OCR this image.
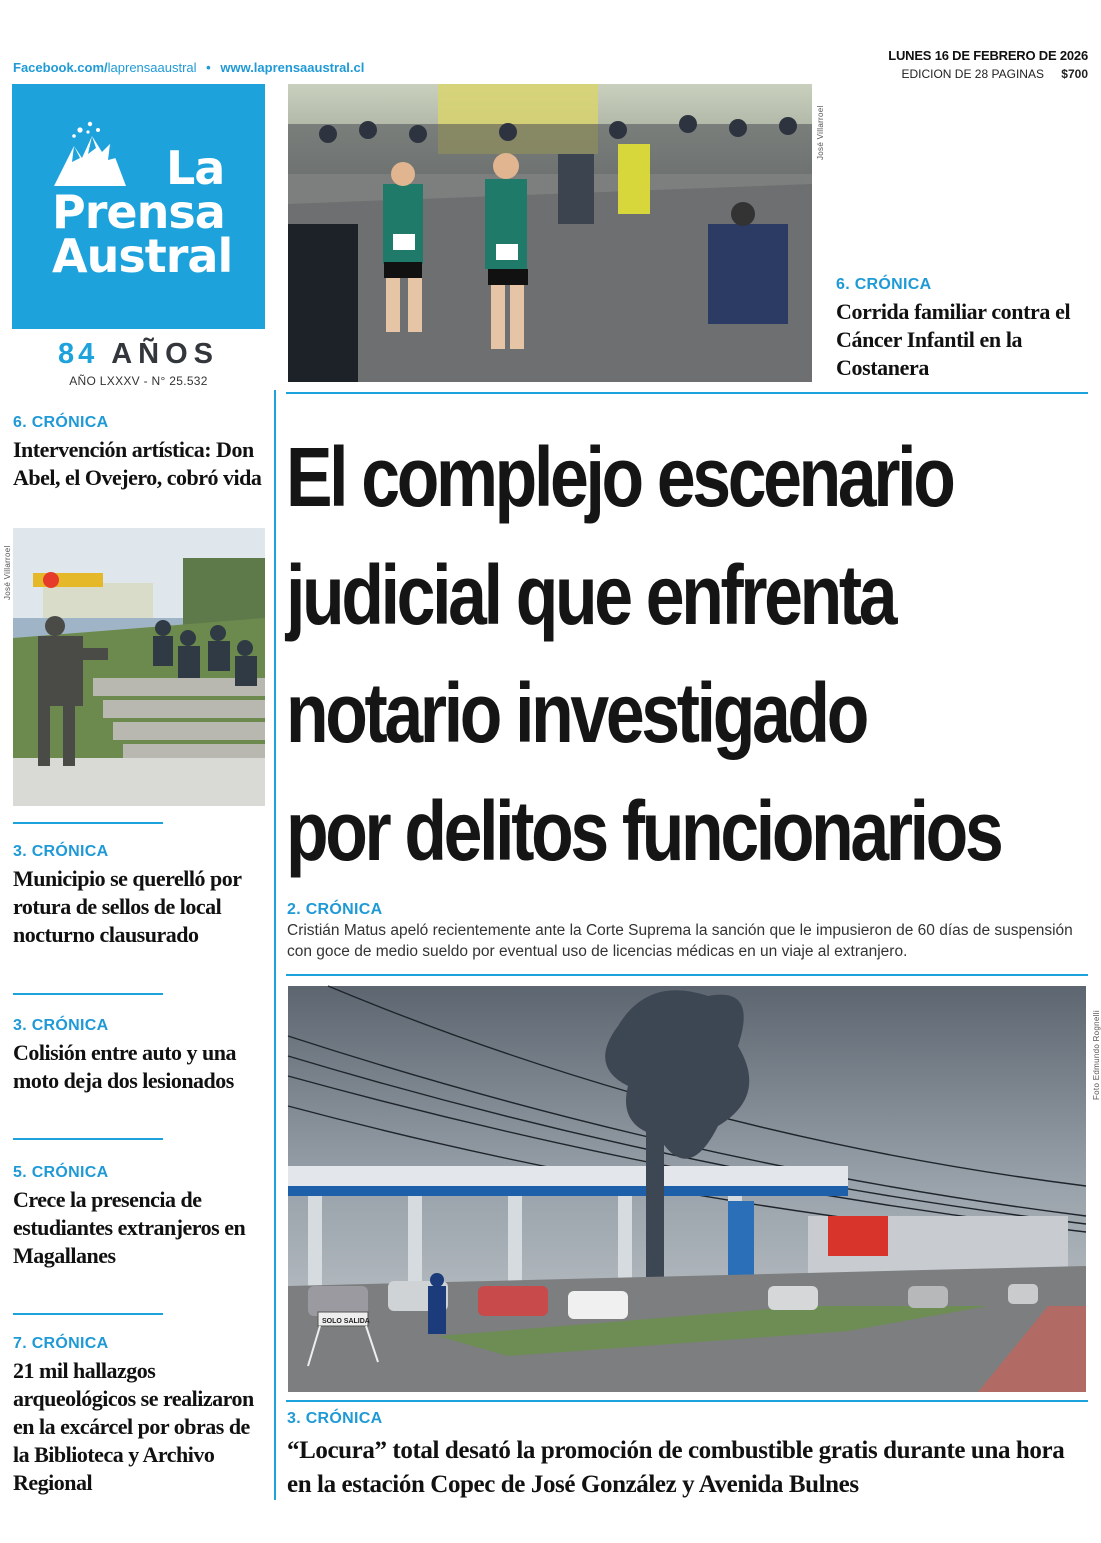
Facebook.com/laprensaaustral • www.laprensaaustral.cl
LUNES 16 DE FEBRERO DE 2026
EDICION DE 28 PAGINAS $700
La
Prensa
Austral
84 AÑOS
AÑO LXXXV - N° 25.532
José Villarroel
6. CRÓNICA
Corrida familiar contra el Cáncer Infantil en la Costanera
6. CRÓNICA
Intervención artística: Don Abel, el Ovejero, cobró vida
José Villarroel
3. CRÓNICA
Municipio se querelló por rotura de sellos de local nocturno clausurado
3. CRÓNICA
Colisión entre auto y una moto deja dos lesionados
5. CRÓNICA
Crece la presencia de estudiantes extranjeros en Magallanes
7. CRÓNICA
21 mil hallazgos arqueológicos se realizaron en la excárcel por obras de la Biblioteca y Archivo Regional
El complejo escenario
judicial que enfrenta
notario investigado
por delitos funcionarios
2. CRÓNICA
Cristián Matus apeló recientemente ante la Corte Suprema la sanción que le impusieron de 60 días de suspensión con goce de medio sueldo por eventual uso de licencias médicas en un viaje al extranjero.
SOLO SALIDA
Foto Edmundo Rognelli
3. CRÓNICA
“Locura” total desató la promoción de combustible gratis durante una hora en la estación Copec de José González y Avenida Bulnes
